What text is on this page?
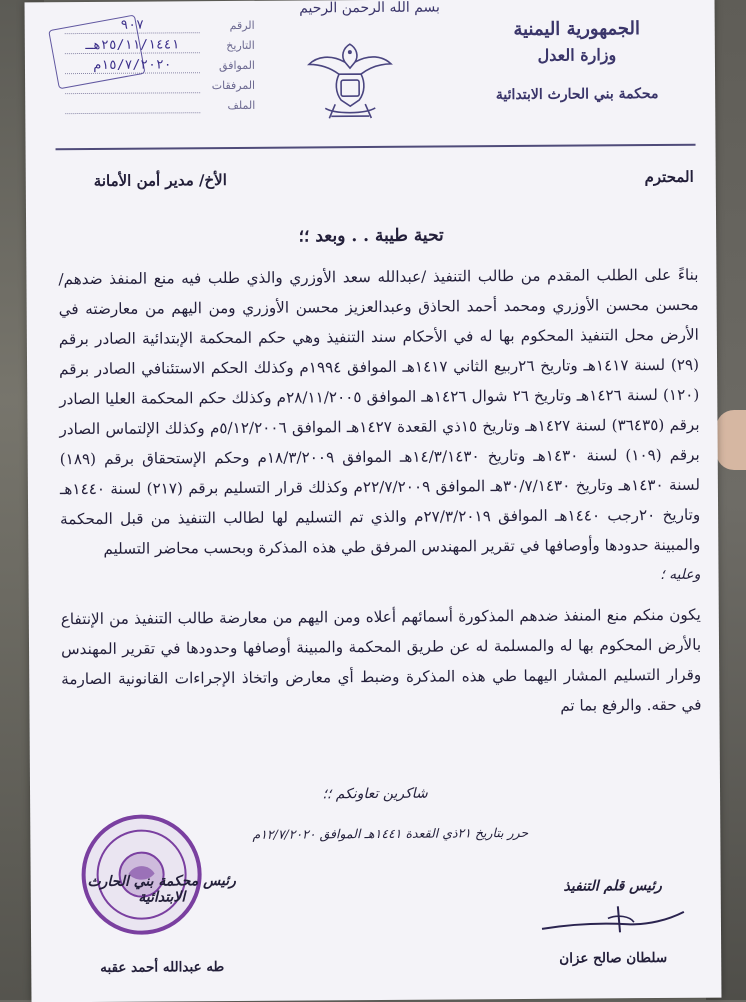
الرقم
٩٠٧
التاريخ
٢٥/١١/١٤٤١هـ
الموافق
١٥/٧/٢٠٢٠م
المرفقات
الملف
بسم الله الرحمن الرحيم
الجمهورية اليمنية
وزارة العدل
محكمة بني الحارث الابتدائية
الأخ/ مدير أمن الأمانة	المحترم
تحية طيبة . . وبعد ؛؛

بناءً على الطلب المقدم من طالب التنفيذ /عبدالله سعد الأوزري والذي طلب فيه منع المنفذ ضدهم/ محسن محسن الأوزري ومحمد أحمد الحاذق وعبدالعزيز محسن الأوزري ومن اليهم من معارضته في الأرض محل التنفيذ المحكوم بها له في الأحكام سند التنفيذ وهي حكم المحكمة الإبتدائية الصادر برقم (٢٩) لسنة ١٤١٧هـ وتاريخ ٢٦ربيع الثاني ١٤١٧هـ الموافق ١٩٩٤م وكذلك الحكم الاستئنافي الصادر برقم (١٢٠) لسنة ١٤٢٦هـ وتاريخ ٢٦ شوال ١٤٢٦هـ الموافق ٢٨/١١/٢٠٠٥م وكذلك حكم المحكمة العليا الصادر برقم (٣٦٤٣٥) لسنة ١٤٢٧هـ وتاريخ ١٥ذي القعدة ١٤٢٧هـ الموافق ٥/١٢/٢٠٠٦م وكذلك الإلتماس الصادر برقم (١٠٩) لسنة ١٤٣٠هـ وتاريخ ١٤/٣/١٤٣٠هـ الموافق ١٨/٣/٢٠٠٩م وحكم الإستحقاق برقم (١٨٩) لسنة ١٤٣٠هـ وتاريخ ٣٠/٧/١٤٣٠هـ الموافق ٢٢/٧/٢٠٠٩م وكذلك قرار التسليم برقم (٢١٧) لسنة ١٤٤٠هـ وتاريخ ٢٠رجب ١٤٤٠هـ الموافق ٢٧/٣/٢٠١٩م والذي تم التسليم لها لطالب التنفيذ من قبل المحكمة والمبينة حدودها وأوصافها في تقرير المهندس المرفق طي هذه المذكرة وبحسب محاضر التسليم

وعليه ؛

يكون منكم منع المنفذ ضدهم المذكورة أسمائهم أعلاه ومن اليهم من معارضة طالب التنفيذ من الإنتفاع بالأرض المحكوم بها له والمسلمة له عن طريق المحكمة والمبينة أوصافها وحدودها في تقرير المهندس وقرار التسليم المشار اليهما طي هذه المذكرة وضبط أي معارض واتخاذ الإجراءات القانونية الصارمة في حقه. والرفع بما تم

شاكرين تعاونكم ؛؛
حرر بتاريخ ٢١ذي القعدة ١٤٤١هـ الموافق ١٢/٧/٢٠٢٠م
رئيس محكمة بني الحارث الابتدائية
طه عبدالله أحمد عقبه
رئيس قلم التنفيذ
سلطان صالح عزان
